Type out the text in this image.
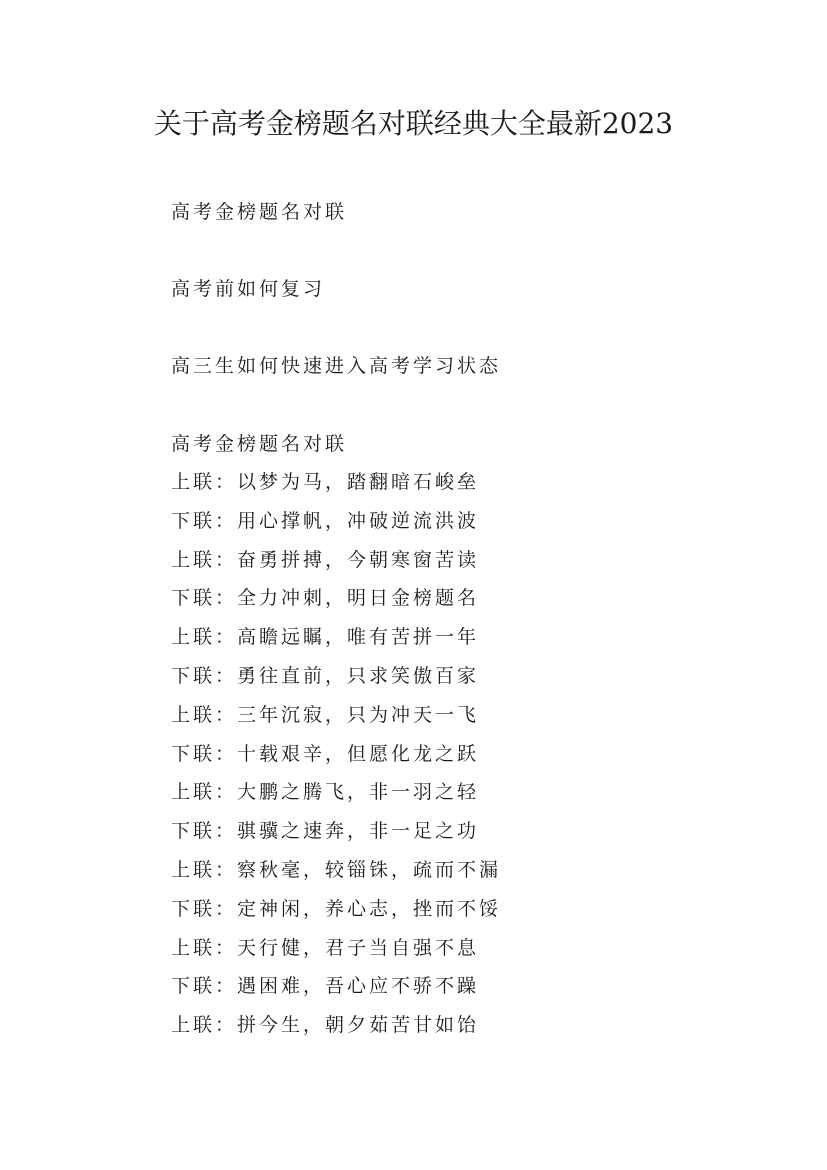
关于高考金榜题名对联经典大全最新2023

高考金榜题名对联

高考前如何复习

高三生如何快速进入高考学习状态

高考金榜题名对联

上联：以梦为马，踏翻暗石峻垒
下联：用心撑帆，冲破逆流洪波
上联：奋勇拼搏，今朝寒窗苦读
下联：全力冲刺，明日金榜题名
上联：高瞻远瞩，唯有苦拼一年
下联：勇往直前，只求笑傲百家
上联：三年沉寂，只为冲天一飞
下联：十载艰辛，但愿化龙之跃
上联：大鹏之腾飞，非一羽之轻
下联：骐骥之速奔，非一足之功
上联：察秋毫，较锱铢，疏而不漏
下联：定神闲，养心志，挫而不馁
上联：天行健，君子当自强不息
下联：遇困难，吾心应不骄不躁
上联：拼今生，朝夕茹苦甘如饴
